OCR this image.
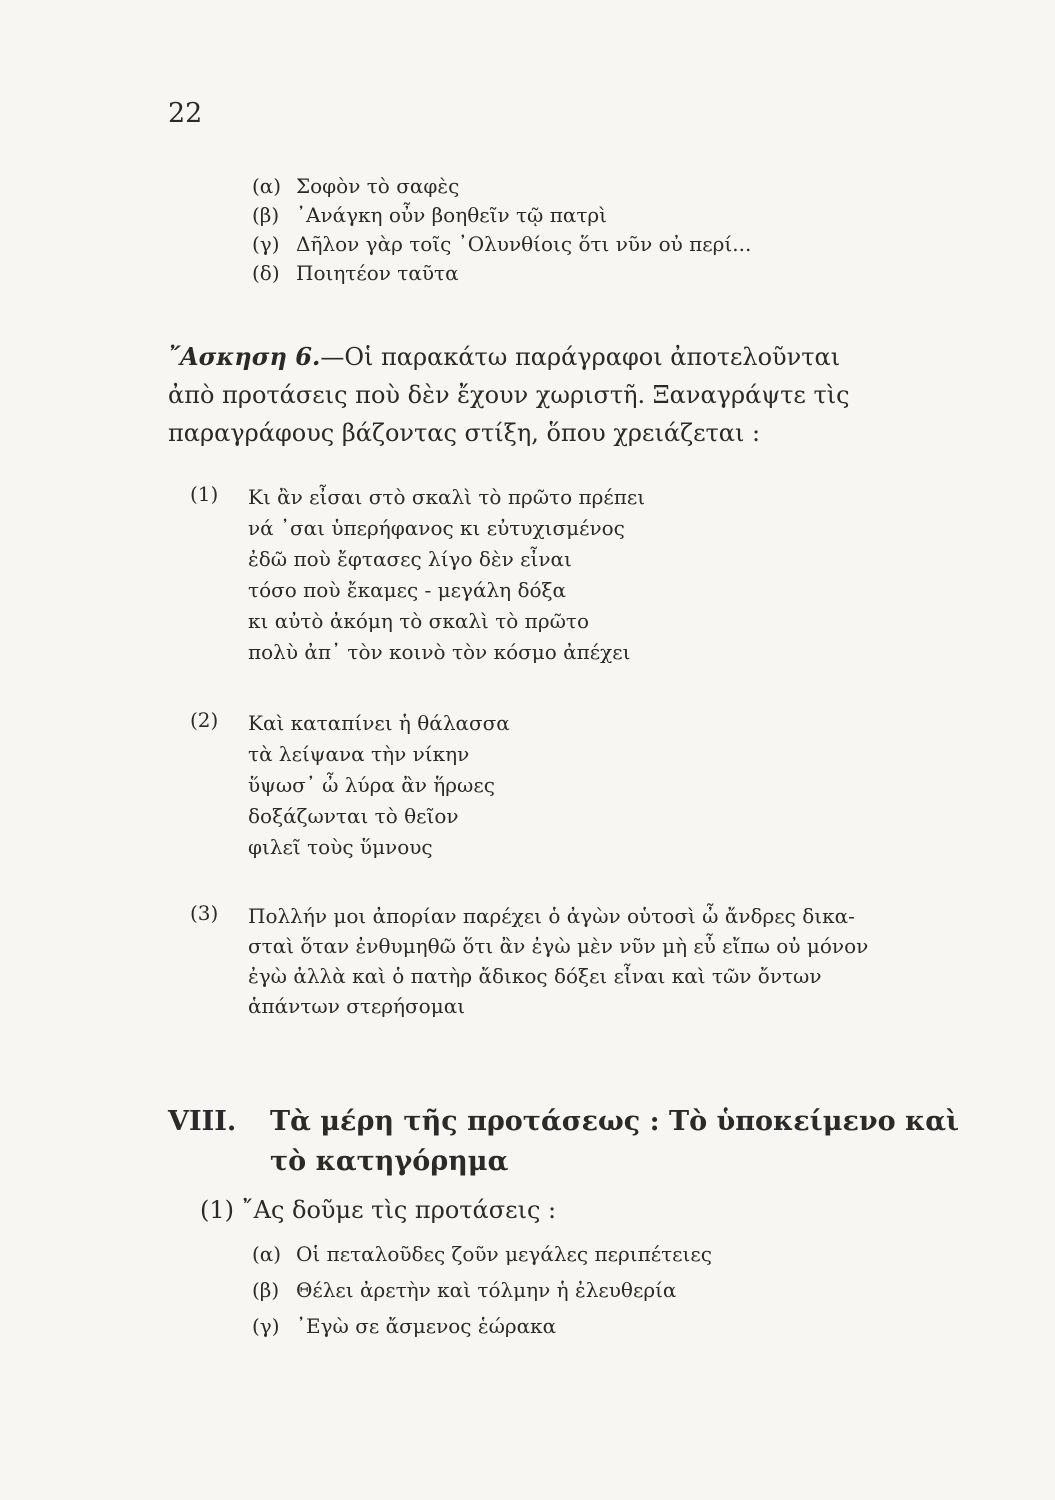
22
(α) Σοφὸν τὸ σαφὲς
(β) ᾿Ανάγκη οὖν βοηθεῖν τῷ πατρὶ
(γ) Δῆλον γὰρ τοῖς ᾿Ολυνθίοις ὅτι νῦν οὐ περί...
(δ) Ποιητέον ταῦτα

῎Ασκηση 6.—Οἱ παρακάτω παράγραφοι ἀποτελοῦνται

ἀπὸ προτάσεις ποὺ δὲν ἔχουν χωριστῆ. Ξαναγράψτε τὶς

παραγράφους βάζοντας στίξη, ὅπου χρειάζεται :

(1) Κι ἂν εἶσαι στὸ σκαλὶ τὸ πρῶτο πρέπει
νά ᾽σαι ὑπερήφανος κι εὐτυχισμένος
ἐδῶ ποὺ ἔφτασες λίγο δὲν εἶναι
τόσο ποὺ ἔκαμες - μεγάλη δόξα
κι αὐτὸ ἀκόμη τὸ σκαλὶ τὸ πρῶτο
πολὺ ἀπ᾽ τὸν κοινὸ τὸν κόσμο ἀπέχει
(2) Καὶ καταπίνει ἡ θάλασσα
τὰ λείψανα τὴν νίκην
ὕψωσ᾽ ὦ λύρα ἂν ἥρωες
δοξάζωνται τὸ θεῖον
φιλεῖ τοὺς ὕμνους
(3) Πολλήν μοι ἀπορίαν παρέχει ὁ ἀγὼν οὑτοσὶ ὦ ἄνδρες δικα-
σταὶ ὅταν ἐνθυμηθῶ ὅτι ἂν ἐγὼ μὲν νῦν μὴ εὖ εἴπω οὐ μόνον
ἐγὼ ἀλλὰ καὶ ὁ πατὴρ ἄδικος δόξει εἶναι καὶ τῶν ὄντων
ἁπάντων στερήσομαι
VIII. Τὰ μέρη τῆς προτάσεως : Τὸ ὑποκείμενο καὶ
τὸ κατηγόρημα
(1) ῎Ας δοῦμε τὶς προτάσεις :
(α) Οἱ πεταλοῦδες ζοῦν μεγάλες περιπέτειες
(β) Θέλει ἀρετὴν καὶ τόλμην ἡ ἐλευθερία
(γ) ᾿Εγὼ σε ἄσμενος ἑώρακα
